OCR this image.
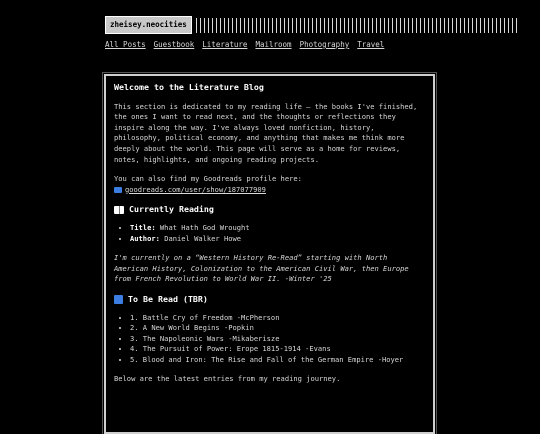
zheisey.neocities
All Posts Guestbook Literature Mailroom Photography Travel
Welcome to the Literature Blog

This section is dedicated to my reading life — the books I've finished, the ones I want to read next, and the thoughts or reflections they inspire along the way. I've always loved nonfiction, history, philosophy, political economy, and anything that makes me think more deeply about the world. This page will serve as a home for reviews, notes, highlights, and ongoing reading projects.

You can also find my Goodreads profile here:
goodreads.com/user/show/187077909

Currently Reading
• Title: What Hath God Wrought
• Author: Daniel Walker Howe

I'm currently on a “Western History Re-Read” starting with North American History, Colonization to the American Civil War, then Europe from French Revolution to World War II. -Winter '25

To Be Read (TBR)
• 1. Battle Cry of Freedom -McPherson
• 2. A New World Begins -Popkin
• 3. The Napoleonic Wars -Mikaberisze
• 4. The Pursuit of Power: Erope 1815-1914 -Evans
• 5. Blood and Iron: The Rise and Fall of the German Empire -Hoyer

Below are the latest entries from my reading journey.
